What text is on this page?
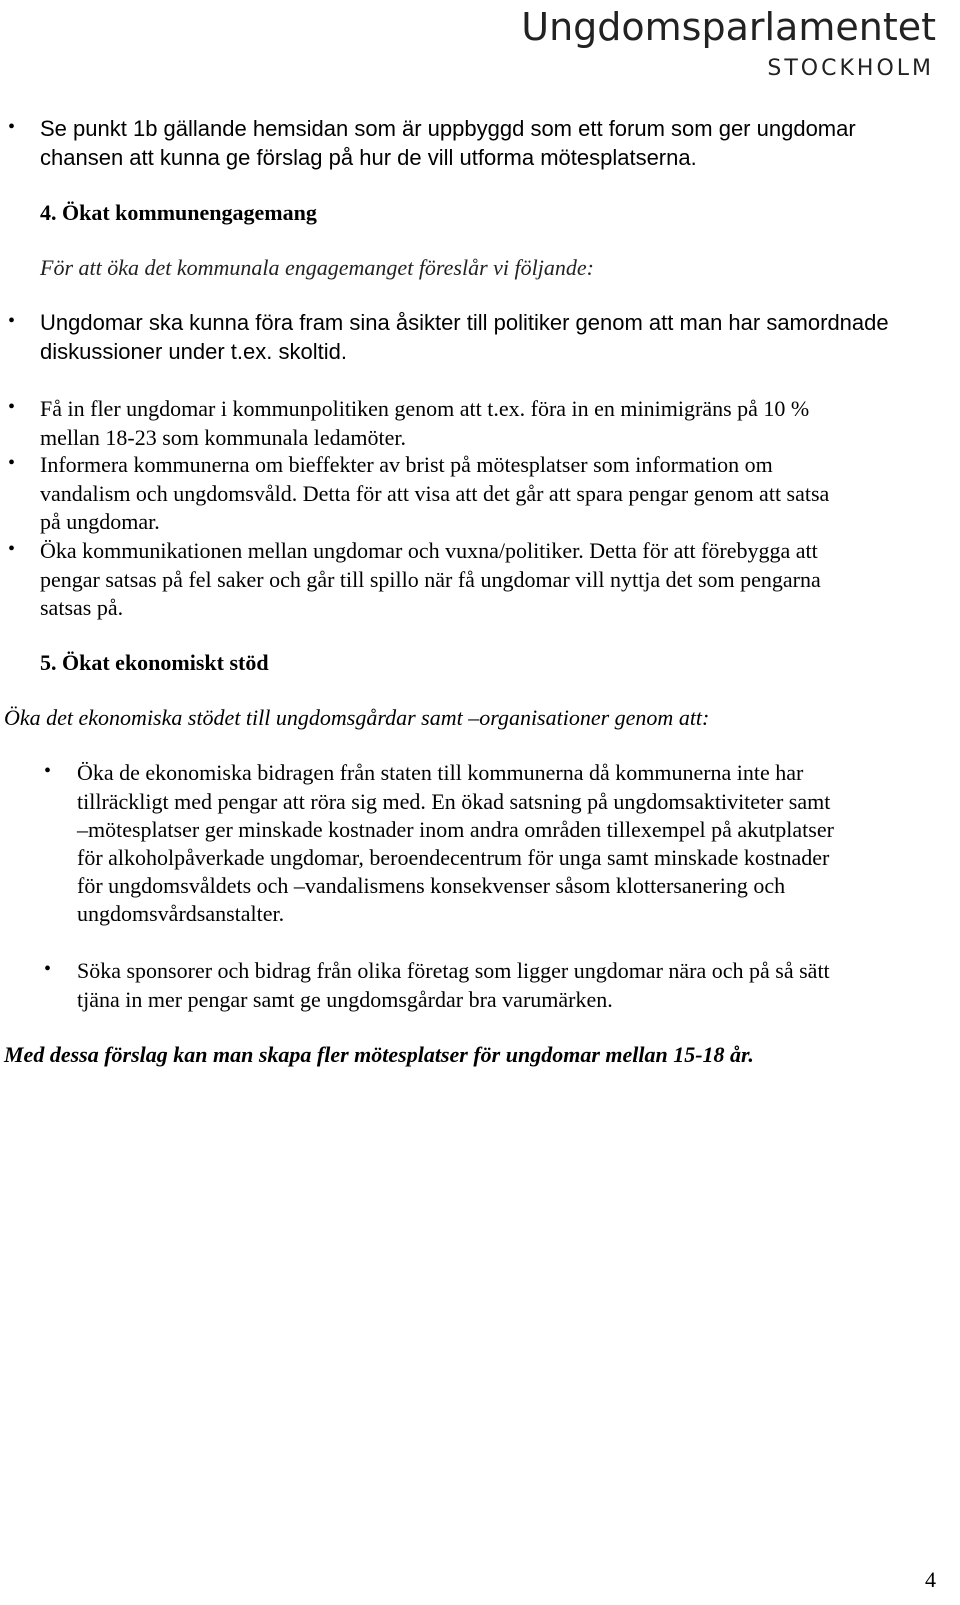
Ungdomsparlamentet
STOCKHOLM
• Se punkt 1b gällande hemsidan som är uppbyggd som ett forum som ger ungdomar
chansen att kunna ge förslag på hur de vill utforma mötesplatserna.
4. Ökat kommunengagemang
För att öka det kommunala engagemanget föreslår vi följande:
• Ungdomar ska kunna föra fram sina åsikter till politiker genom att man har samordnade
diskussioner under t.ex. skoltid.
• Få in fler ungdomar i kommunpolitiken genom att t.ex. föra in en minimigräns på 10 %
mellan 18-23 som kommunala ledamöter.
• Informera kommunerna om bieffekter av brist på mötesplatser som information om
vandalism och ungdomsvåld. Detta för att visa att det går att spara pengar genom att satsa
på ungdomar.
• Öka kommunikationen mellan ungdomar och vuxna/politiker. Detta för att förebygga att
pengar satsas på fel saker och går till spillo när få ungdomar vill nyttja det som pengarna
satsas på.
5. Ökat ekonomiskt stöd
Öka det ekonomiska stödet till ungdomsgårdar samt –organisationer genom att:
• Öka de ekonomiska bidragen från staten till kommunerna då kommunerna inte har
tillräckligt med pengar att röra sig med. En ökad satsning på ungdomsaktiviteter samt
–mötesplatser ger minskade kostnader inom andra områden tillexempel på akutplatser
för alkoholpåverkade ungdomar, beroendecentrum för unga samt minskade kostnader
för ungdomsvåldets och –vandalismens konsekvenser såsom klottersanering och
ungdomsvårdsanstalter.
• Söka sponsorer och bidrag från olika företag som ligger ungdomar nära och på så sätt
tjäna in mer pengar samt ge ungdomsgårdar bra varumärken.
Med dessa förslag kan man skapa fler mötesplatser för ungdomar mellan 15-18 år.
4
